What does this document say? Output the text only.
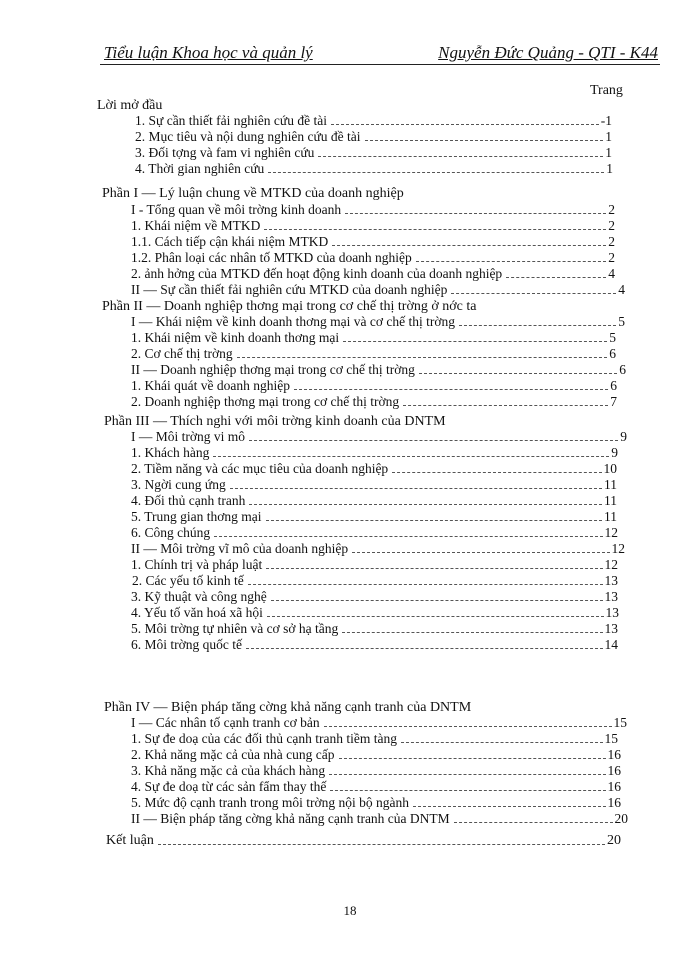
Tiểu luận Khoa học và quản lý	Nguyễn Đức Quảng - QTI - K44
Trang
Lời mở đầu
1. Sự cần thiết fải nghiên cứu đề tài	-1
2. Mục tiêu và nội dung nghiên cứu đề tài	1
3. Đối tợng và fam vi nghiên cứu	1
4. Thời gian nghiên cứu	1
Phần I — Lý luận chung về MTKD của doanh nghiệp
I - Tổng quan về môi trờng kinh doanh	2
1. Khái niệm về MTKD	2
1.1. Cách tiếp cận khái niệm MTKD	2
1.2. Phân loại các nhân tố MTKD của doanh nghiệp	2
2. ảnh hởng của MTKD đến hoạt động kinh doanh của doanh nghiệp	4
II — Sự cần thiết fải nghiên cứu MTKD của doanh nghiệp	4
Phần II — Doanh nghiệp thơng mại trong cơ chế thị trờng ở nớc ta
I — Khái niệm về kinh doanh thơng mại và cơ chế thị trờng	5
1. Khái niệm về kinh doanh thơng mại	5
2. Cơ chế thị trờng	6
II — Doanh nghiệp thơng mại trong cơ chế thị trờng	6
1. Khái quát về doanh nghiệp	6
2. Doanh nghiệp thơng mại trong cơ chế thị trờng	7
Phần III — Thích nghi với môi trờng kinh doanh của DNTM
I — Môi trờng vi mô	9
1. Khách hàng	9
2. Tiềm năng và các mục tiêu của doanh nghiệp	10
3. Ngời cung ứng	11
4. Đối thủ cạnh tranh	11
5. Trung gian thơng mại	11
6. Công chúng	12
II — Môi trờng vĩ mô của doanh nghiệp	12
1. Chính trị và pháp luật	12
2. Các yếu tố kinh tế	13
3. Kỹ thuật và công nghệ	13
4. Yếu tố văn hoá xã hội	13
5. Môi trờng tự nhiên và cơ sở hạ tầng	13
6. Môi trờng quốc tế	14
Phần IV — Biện pháp tăng cờng khả năng cạnh tranh của DNTM
I — Các nhân tố cạnh tranh cơ bản	15
1. Sự đe doạ của các đối thủ cạnh tranh tiềm tàng	15
2. Khả năng mặc cả của nhà cung cấp	16
3. Khả năng mặc cả của khách hàng	16
4. Sự đe doạ từ các sản fẩm thay thế	16
5. Mức độ cạnh tranh trong môi trờng nội bộ ngành	16
II — Biện pháp tăng cờng khả năng cạnh tranh của DNTM	20
Kết luận	20
18
